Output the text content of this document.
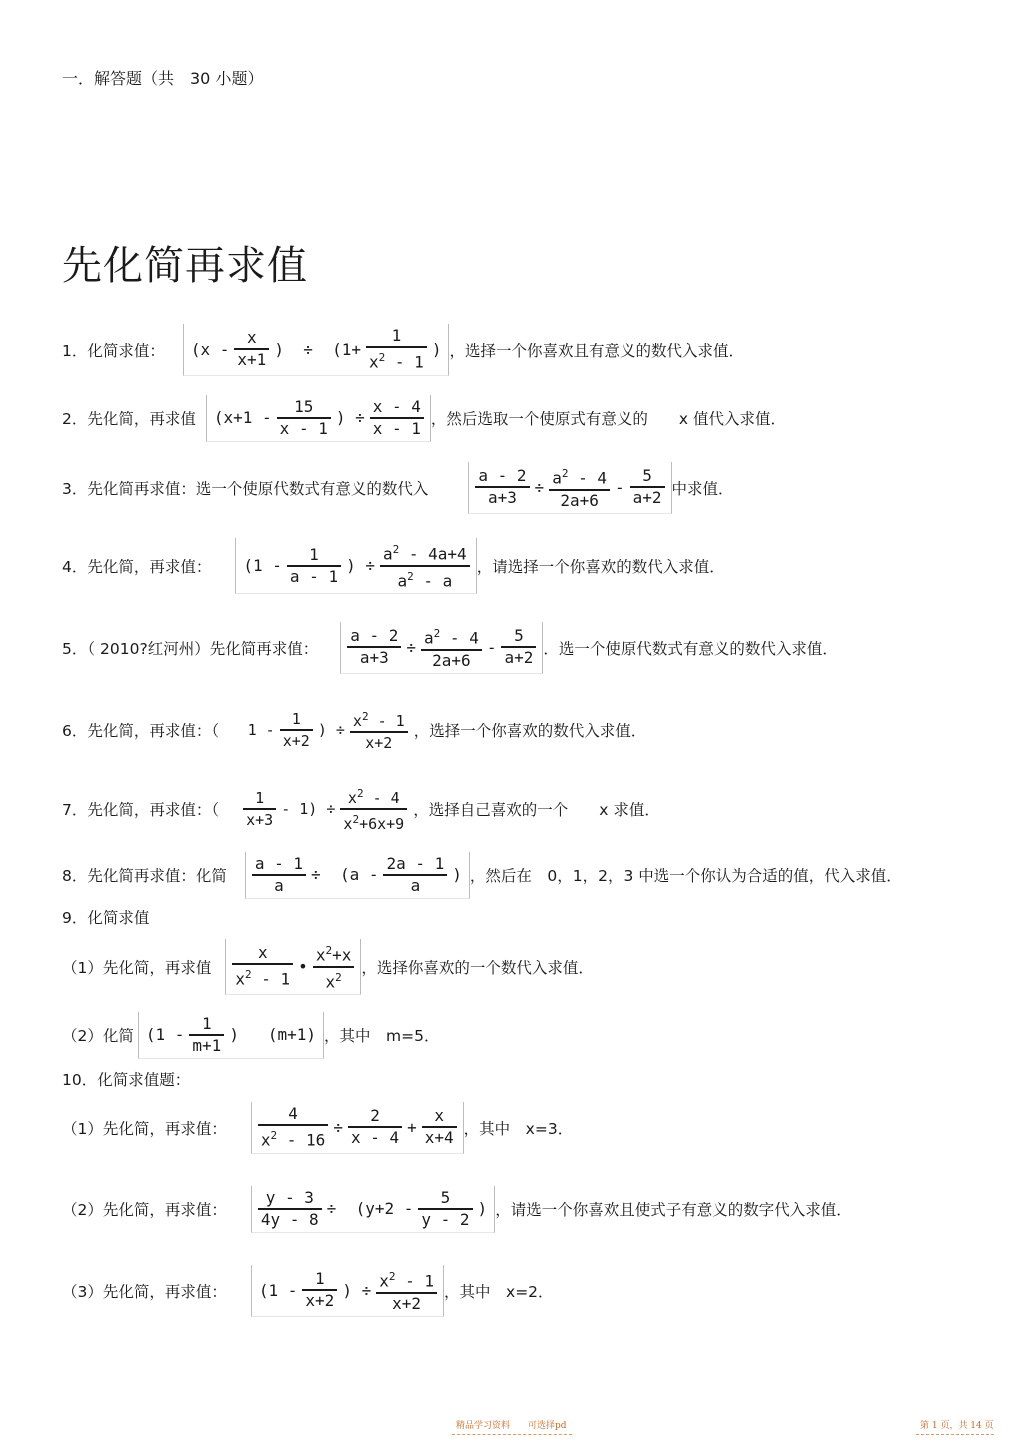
一．解答题（共　30 小题）
先化简再求值
1．化简求值： ($x - \frac{x}{x+1}$ )  ÷  ($1+ \frac{1}{x^2 - 1}$ ) ，选择一个你喜欢且有意义的数代入求值．
2．先化简，再求值 ($x+1 - \frac{15}{x - 1}$ ) ÷ $\frac{x - 4}{x - 1}$ ，然后选取一个使原式有意义的　　x 值代入求值．
3．先化简再求值：选一个使原代数式有意义的数代入	$\frac{a - 2}{a+3} \div \frac{a^2 - 4}{2a+6} - \frac{5}{a+2}$ 中求值．
4．先化简，再求值： ($1 - \frac{1}{a - 1}$ ) ÷ $\frac{a^2 - 4a+4}{a^2 - a}$ ，请选择一个你喜欢的数代入求值．
5．（ 2010?红河州）先化简再求值： $\frac{a - 2}{a+3} \div \frac{a^2 - 4}{2a+6} - \frac{5}{a+2}$ ．选一个使原代数式有意义的数代入求值．
6．先化简，再求值：（　 $1 - \frac{1}{x+2}$ ) ÷ $\frac{x^2 - 1}{x+2}$ ，选择一个你喜欢的数代入求值．
7．先化简，再求值：（ $\frac{1}{x+3} - 1) \div \frac{x^2 - 4}{x^2+6x+9}$ ，选择自己喜欢的一个　　x 求值．
8．先化简再求值：化简 $\frac{a - 1}{a} \div (a - \frac{2a - 1}{a}$ ) ，然后在　0，1，2，3 中选一个你认为合适的值，代入求值．
9．化简求值
（1）先化简，再求值 $\frac{x}{x^2 - 1}$ • $\frac{x^2+x}{x^2}$ ，选择你喜欢的一个数代入求值．
（2）化简 ($1 - \frac{1}{m+1}$ )   (m+1) ，其中　m=5．
10．化简求值题：
（1）先化简，再求值： $\frac{4}{x^2 - 16} \div \frac{2}{x - 4} + \frac{x}{x+4}$ ，其中　x=3．
（2）先化简，再求值： $\frac{y - 3}{4y - 8} \div (y+2 - \frac{5}{y - 2}$ ) ，请选一个你喜欢且使式子有意义的数字代入求值．
（3）先化简，再求值： ($1 - \frac{1}{x+2}$ ) ÷ $\frac{x^2 - 1}{x+2}$ ，其中　x=2．
精品学习资料　　可选择pd	第 1 页，共 14 页
